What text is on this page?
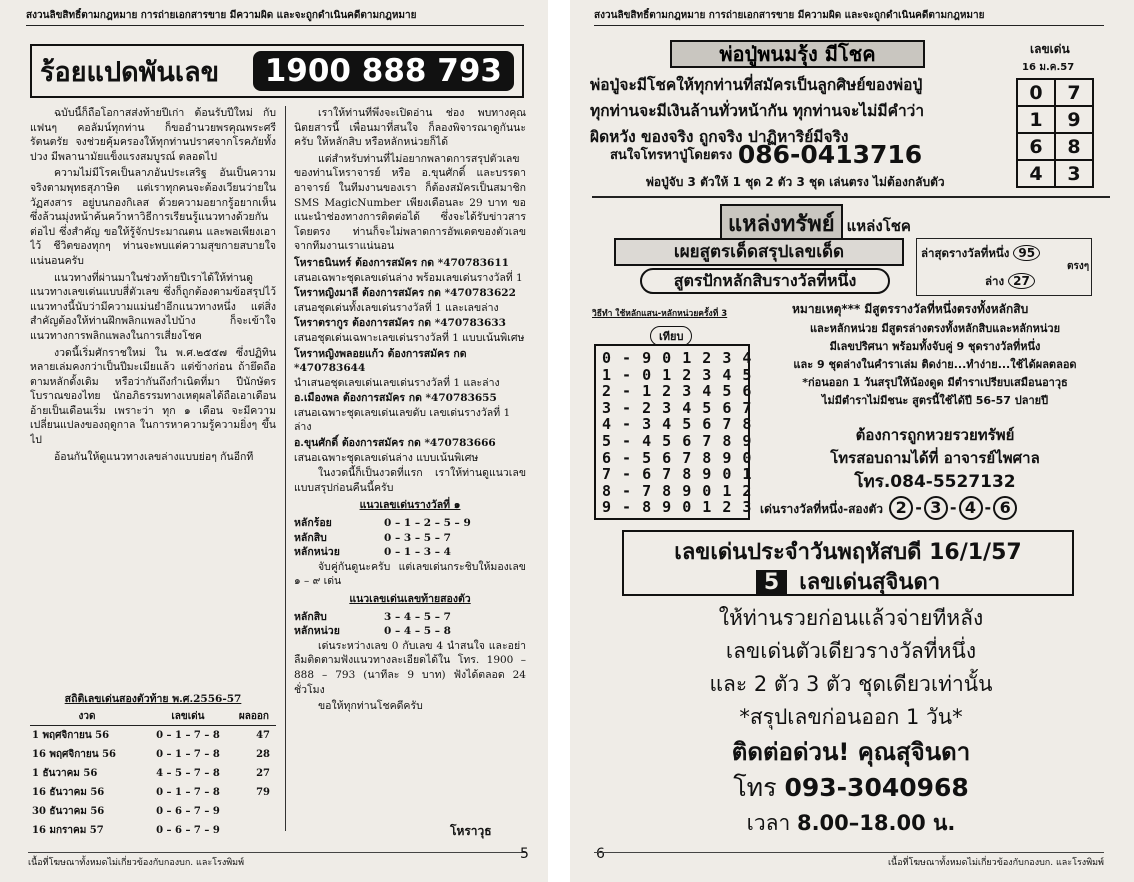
สงวนลิขสิทธิ์ตามกฎหมาย การถ่ายเอกสารขาย มีความผิด และจะถูกดำเนินคดีตามกฎหมาย
ร้อยแปดพันเลข	1900 888 793

ฉบับนี้ก็ถือโอกาสส่งท้ายปีเก่า ต้อนรับปีใหม่ กับแฟนๆ คอลัมน์ทุกท่าน ก็ขออำนวยพรคุณพระศรีรัตนตรัย จงช่วยคุ้มครองให้ทุกท่านปราศจากโรคภัยทั้งปวง มีพลานามัยแข็งแรงสมบูรณ์ ตลอดไป

ความไม่มีโรคเป็นลาภอันประเสริฐ อันเป็นความจริงตามพุทธสุภาษิต แต่เราทุกคนจะต้องเวียนว่ายในวัฏสงสาร อยู่บนกองกิเลส ด้วยความอยากรู้อยากเห็น ซึ่งล้วนมุ่งหน้าค้นคว้าหาวิธีการเรียนรู้แนวทางด้วยกันต่อไป ซึ่งสำคัญ ขอให้รู้จักประมาณตน และพอเพียงเอาไว้ ชีวิตของทุกๆ ท่านจะพบแต่ความสุขกายสบายใจแน่นอนครับ

แนวทางที่ผ่านมาในช่วงท้ายปีเราได้ให้ท่านดูแนวทางเลขเด่นแบบสี่ตัวเลข ซึ่งก็ถูกต้องตามข้อสรุปไว้ แนวทางนี้นับว่ามีความแม่นยำอีกแนวทางหนึ่ง แต่สิ่งสำคัญต้องให้ท่านฝึกพลิกแพลงไปบ้าง ก็จะเข้าใจแนวทางการพลิกแพลงในการเสี่ยงโชค

งวดนี้เริ่มศักราชใหม่ ใน พ.ศ.๒๕๕๗ ซึ่งปฏิทินหลายเล่มคงกว่าเป็นปีมะเมียแล้ว แต่ข้างก่อน ถ้ายึดถือตามหลักดั้งเดิม หรือว่ากันถึงกำเนิดที่มา ปีนักษัตรโบราณของไทย นักอภิธรรมทางเหตุผลได้ถือเอาเดือนอ้ายเป็นเดือนเริ่ม เพราะว่า ทุก ๑ เดือน จะมีความเปลี่ยนแปลงของฤดูกาล ในการหาความรู้ความยิ่งๆ ขึ้นไป

อ้อนกันให้ดูแนวทางเลขล่างแบบย่อๆ กันอีกที

เราให้ท่านที่พึ่งจะเปิดอ่าน ช่อง พบทางคุณนิตยสารนี้ เพื่อนมาที่สนใจ ก็ลองพิจารณาดูกันนะครับ ให้หลักสิบ หรือหลักหน่วยก็ได้

แต่สำหรับท่านที่ไม่อยากพลาดการสรุปตัวเลขของท่านโหราจารย์ หรือ อ.ขุนศักดิ์ และบรรดาอาจารย์ ในทีมงานของเรา ก็ต้องสมัครเป็นสมาชิก SMS MagicNumber เพียงเดือนละ 29 บาท ขอแนะนำช่องทางการติดต่อได้ ซึ่งจะได้รับข่าวสารโดยตรง ท่านก็จะไม่พลาดการอัพเดตของตัวเลข จากทีมงานเราแน่นอน

โหราธนินทร์ ต้องการสมัคร กด *470783611
เสนอเฉพาะชุดเลขเด่นล่าง พร้อมเลขเด่นรางวัลที่ 1
โหราหญิงมาลี ต้องการสมัคร กด *470783622
เสนอชุดเด่นทั้งเลขเด่นรางวัลที่ 1 และเลขล่าง
โหราตรากูร ต้องการสมัคร กด *470783633
เสนอชุดเด่นเฉพาะเลขเด่นรางวัลที่ 1 แบบเน้นพิเศษ
โหราหญิงพลอยแก้ว ต้องการสมัคร กด *470783644
นำเสนอชุดเลขเด่นเลขเด่นรางวัลที่ 1 และล่าง
อ.เมืองพล ต้องการสมัคร กด *470783655
เสนอเฉพาะชุดเลขเด่นเลขดับ เลขเด่นรางวัลที่ 1 ล่าง
อ.ขุนศักดิ์ ต้องการสมัคร กด *470783666
เสนอเฉพาะชุดเลขเด่นล่าง แบบเน้นพิเศษ

ในงวดนี้ก็เป็นงวดที่แรก เราให้ท่านดูแนวเลขแบบสรุปก่อนคืนนี้ครับ

แนวเลขเด่นรางวัลที่ ๑
หลักร้อย	0 – 1 – 2 – 5 – 9
หลักสิบ	0 – 3 – 5 – 7
หลักหน่วย	0 – 1 – 3 – 4

จับคู่กันดูนะครับ แต่เลขเด่นกระชิบให้มองเลข ๑ – ๙ เด่น

แนวเลขเด่นเลขท้ายสองตัว
หลักสิบ	3 – 4 – 5 – 7
หลักหน่วย	0 – 4 – 5 – 8

เด่นระหว่างเลข 0 กับเลข 4 นำสนใจ และอย่าลืมติดตามฟังแนวทางละเอียดได้ใน โทร. 1900 – 888 – 793 (นาทีละ 9 บาท) ฟังได้ตลอด 24 ชั่วโมง

ขอให้ทุกท่านโชคดีครับ

สถิติเลขเด่นสองตัวท้าย พ.ศ.2556-57
งวด	เลขเด่น	ผลออก
1 พฤศจิกายน 56	0 – 1 – 7 – 8	47
16 พฤศจิกายน 56	0 – 1 – 7 – 8	28
1 ธันวาคม 56	4 – 5 – 7 – 8	27
16 ธันวาคม 56	0 – 1 – 7 – 8	79
30 ธันวาคม 56	0 – 6 – 7 – 9	
16 มกราคม 57	0 – 6 – 7 – 9		โหราวุธ
เนื้อที่โฆษณาทั้งหมดไม่เกี่ยวข้องกับกองบก. และโรงพิมพ์
5
สงวนลิขสิทธิ์ตามกฎหมาย การถ่ายเอกสารขาย มีความผิด และจะถูกดำเนินคดีตามกฎหมาย
พ่อปู่พนมรุ้ง มีโชค	เลขเด่น
16 ม.ค.57
0	7
1	9
6	8
4	3
พ่อปู่จะมีโชคให้ทุกท่านที่สมัครเป็นลูกศิษย์ของพ่อปู่
ทุกท่านจะมีเงินล้านทั่วหน้ากัน ทุกท่านจะไม่มีคำว่า
ผิดหวัง ของจริง ถูกจริง ปาฏิหาริย์มีจริง
สนใจโทรหาปู่โดยตรง 086-0413716
พ่อปู่จับ 3 ตัวให้ 1 ชุด 2 ตัว 3 ชุด เล่นตรง ไม่ต้องกลับตัว
แหล่งทรัพย์ แหล่งโชค
เผยสูตรเด็ดสรุปเลขเด็ด
สูตรปักหลักสิบรางวัลที่หนึ่ง
ล่าสุดรางวัลที่หนึ่ง 95
ตรงๆ
ล่าง 27
วิธีทำ ใช้หลักแสน-หลักหน่วยครั้งที่ 3
เทียบ
0 - 9 0 1 2 3 4
1 - 0 1 2 3 4 5
2 - 1 2 3 4 5 6
3 - 2 3 4 5 6 7
4 - 3 4 5 6 7 8
5 - 4 5 6 7 8 9
6 - 5 6 7 8 9 0
7 - 6 7 8 9 0 1
8 - 7 8 9 0 1 2
9 - 8 9 0 1 2 3
หมายเหตุ*** มีสูตรรางวัลที่หนึ่งตรงทั้งหลักสิบ
และหลักหน่วย มีสูตรล่างตรงทั้งหลักสิบและหลักหน่วย
มีเลขปริศนา พร้อมทั้งจับคู่ 9 ชุดรางวัลที่หนึ่ง
และ 9 ชุดล่างในคำราเล่ม ติดง่าย...ทำง่าย...ใช้ได้ผลตลอด
*ก่อนออก 1 วันสรุปให้น้องดูด มีตำราเปรียบเสมือนอาวุธ
ไม่มีตำราไม่มีชนะ สูตรนี้ใช้ได้ปี 56-57 ปลายปี
ต้องการถูกหวยรวยทรัพย์
โทรสอบถามได้ที่ อาจารย์ไพศาล
โทร.084-5527132
เด่นรางวัลที่หนึ่ง-สองตัว 2 - 3 - 4 - 6
เลขเด่นประจำวันพฤหัสบดี 16/1/57
5 เลขเด่นสุจินดา
ให้ท่านรวยก่อนแล้วจ่ายทีหลัง
เลขเด่นตัวเดียวรางวัลที่หนึ่ง
และ 2 ตัว 3 ตัว ชุดเดียวเท่านั้น
*สรุปเลขก่อนออก 1 วัน*
ติดต่อด่วน! คุณสุจินดา
โทร 093-3040968
เวลา 8.00–18.00 น.
6
เนื้อที่โฆษณาทั้งหมดไม่เกี่ยวข้องกับกองบก. และโรงพิมพ์
